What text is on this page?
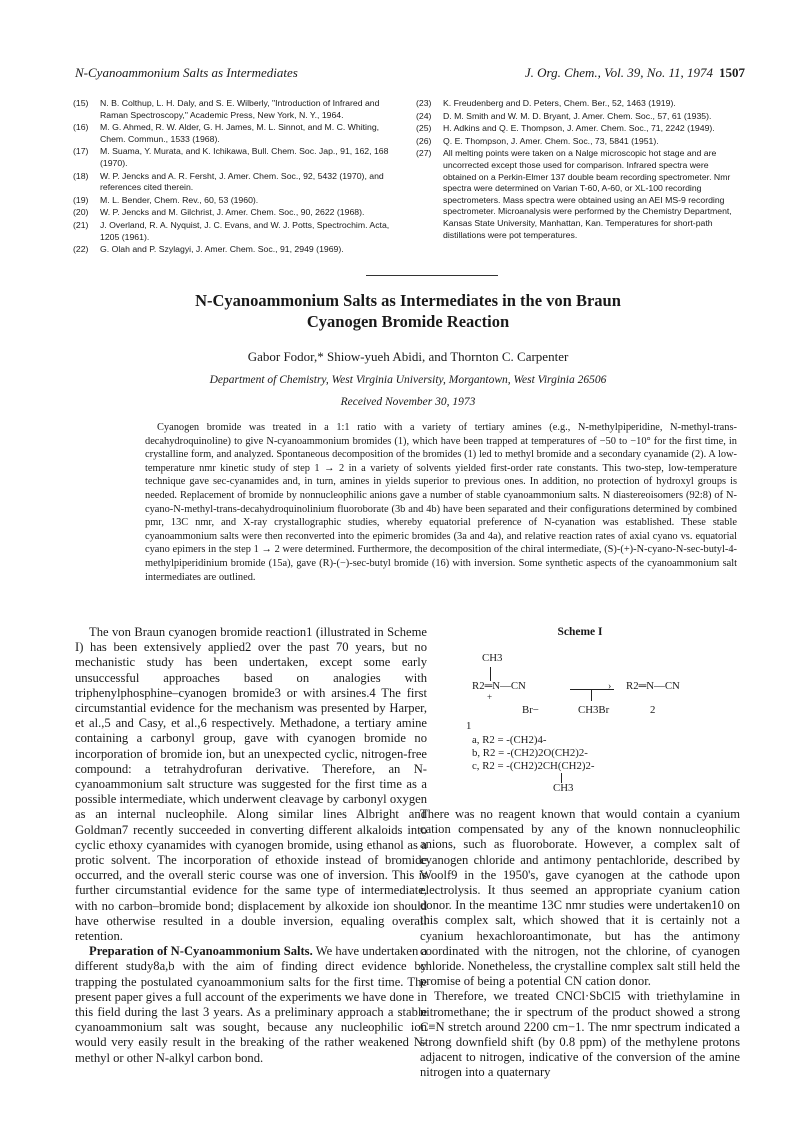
N-Cyanoammonium Salts as Intermediates	J. Org. Chem., Vol. 39, No. 11, 1974 1507
(15)	N. B. Colthup, L. H. Daly, and S. E. Wilberly, "Introduction of Infrared and Raman Spectroscopy," Academic Press, New York, N. Y., 1964.
(16)	M. G. Ahmed, R. W. Alder, G. H. James, M. L. Sinnot, and M. C. Whiting, Chem. Commun., 1533 (1968).
(17)	M. Suama, Y. Murata, and K. Ichikawa, Bull. Chem. Soc. Jap., 91, 162, 168 (1970).
(18)	W. P. Jencks and A. R. Fersht, J. Amer. Chem. Soc., 92, 5432 (1970), and references cited therein.
(19)	M. L. Bender, Chem. Rev., 60, 53 (1960).
(20)	W. P. Jencks and M. Gilchrist, J. Amer. Chem. Soc., 90, 2622 (1968).
(21)	J. Overland, R. A. Nyquist, J. C. Evans, and W. J. Potts, Spectrochim. Acta, 1205 (1961).
(22)	G. Olah and P. Szylagyi, J. Amer. Chem. Soc., 91, 2949 (1969).
(23)	K. Freudenberg and D. Peters, Chem. Ber., 52, 1463 (1919).
(24)	D. M. Smith and W. M. D. Bryant, J. Amer. Chem. Soc., 57, 61 (1935).
(25)	H. Adkins and Q. E. Thompson, J. Amer. Chem. Soc., 71, 2242 (1949).
(26)	Q. E. Thompson, J. Amer. Chem. Soc., 73, 5841 (1951).
(27)	All melting points were taken on a Nalge microscopic hot stage and are uncorrected except those used for comparison. Infrared spectra were obtained on a Perkin-Elmer 137 double beam recording spectrometer. Nmr spectra were determined on Varian T-60, A-60, or XL-100 recording spectrometers. Mass spectra were obtained using an AEI MS-9 recording spectrometer. Microanalysis were performed by the Chemistry Department, Kansas State University, Manhattan, Kan. Temperatures for short-path distillations were pot temperatures.
N-Cyanoammonium Salts as Intermediates in the von Braun
Cyanogen Bromide Reaction
Gabor Fodor,* Shiow-yueh Abidi, and Thornton C. Carpenter
Department of Chemistry, West Virginia University, Morgantown, West Virginia 26506
Received November 30, 1973

Cyanogen bromide was treated in a 1:1 ratio with a variety of tertiary amines (e.g., N-methylpiperidine, N-methyl-trans-decahydroquinoline) to give N-cyanoammonium bromides (1), which have been trapped at temperatures of −50 to −10° for the first time, in crystalline form, and analyzed. Spontaneous decomposition of the bromides (1) led to methyl bromide and a secondary cyanamide (2). A low-temperature nmr kinetic study of step 1 → 2 in a variety of solvents yielded first-order rate constants. This two-step, low-temperature technique gave sec-cyanamides and, in turn, amines in yields superior to previous ones. In addition, no protection of hydroxyl groups is needed. Replacement of bromide by nonnucleophilic anions gave a number of stable cyanoammonium salts. N diastereoisomers (92:8) of N-cyano-N-methyl-trans-decahydroquinolinium fluoroborate (3b and 4b) have been separated and their configurations determined by combined pmr, 13C nmr, and X-ray crystallographic studies, whereby equatorial preference of N-cyanation was established. These stable cyanoammonium salts were then reconverted into the epimeric bromides (3a and 4a), and relative reaction rates of axial cyano vs. equatorial cyano epimers in the step 1 → 2 were determined. Furthermore, the decomposition of the chiral intermediate, (S)-(+)-N-cyano-N-sec-butyl-4-methylpiperidinium bromide (15a), gave (R)-(−)-sec-butyl bromide (16) with inversion. Some synthetic aspects of the cyanoammonium salt intermediates are outlined.

The von Braun cyanogen bromide reaction1 (illustrated in Scheme I) has been extensively applied2 over the past 70 years, but no mechanistic study has been undertaken, except some early unsuccessful approaches based on analogies with triphenylphosphine–cyanogen bromide3 or with arsines.4 The first circumstantial evidence for the mechanism was presented by Harper, et al.,5 and Casy, et al.,6 respectively. Methadone, a tertiary amine containing a carbonyl group, gave with cyanogen bromide no incorporation of bromide ion, but an unexpected cyclic, nitrogen-free compound: a tetrahydrofuran derivative. Therefore, an N-cyanoammonium salt structure was suggested for the first time as a possible intermediate, which underwent cleavage by carbonyl oxygen as an internal nucleophile. Along similar lines Albright and Goldman7 recently succeeded in converting different alkaloids into cyclic ethoxy cyanamides with cyanogen bromide, using ethanol as a protic solvent. The incorporation of ethoxide instead of bromide occurred, and the overall steric course was one of inversion. This is further circumstantial evidence for the same type of intermediate, with no carbon–bromide bond; displacement by alkoxide ion should have otherwise resulted in a double inversion, equaling overall retention.

Preparation of N-Cyanoammonium Salts. We have undertaken a different study8a,b with the aim of finding direct evidence by trapping the postulated cyanoammonium salts for the first time. The present paper gives a full account of the experiments we have done in this field during the last 3 years. As a preliminary approach a stable cyanoammonium salt was sought, because any nucleophilic ion would very easily result in the breaking of the rather weakened N-methyl or other N-alkyl carbon bond.

Scheme I
CH3
R2═N—CN
+
Br−
›
CH3Br
R2═N—CN
1
2
a, R2 = -(CH2)4-
b, R2 = -(CH2)2O(CH2)2-
c, R2 = -(CH2)2CH(CH2)2-
CH3

There was no reagent known that would contain a cyanium cation compensated by any of the known nonnucleophilic anions, such as fluoroborate. However, a complex salt of cyanogen chloride and antimony pentachloride, described by Woolf9 in the 1950's, gave cyanogen at the cathode upon electrolysis. It thus seemed an appropriate cyanium cation donor. In the meantime 13C nmr studies were undertaken10 on this complex salt, which showed that it is certainly not a cyanium hexachloroantimonate, but has the antimony coordinated with the nitrogen, not the chlorine, of cyanogen chloride. Nonetheless, the crystalline complex salt still held the promise of being a potential CN cation donor.

Therefore, we treated CNCl·SbCl5 with triethylamine in nitromethane; the ir spectrum of the product showed a strong C≡N stretch around 2200 cm−1. The nmr spectrum indicated a strong downfield shift (by 0.8 ppm) of the methylene protons adjacent to nitrogen, indicative of the conversion of the amine nitrogen into a quaternary
